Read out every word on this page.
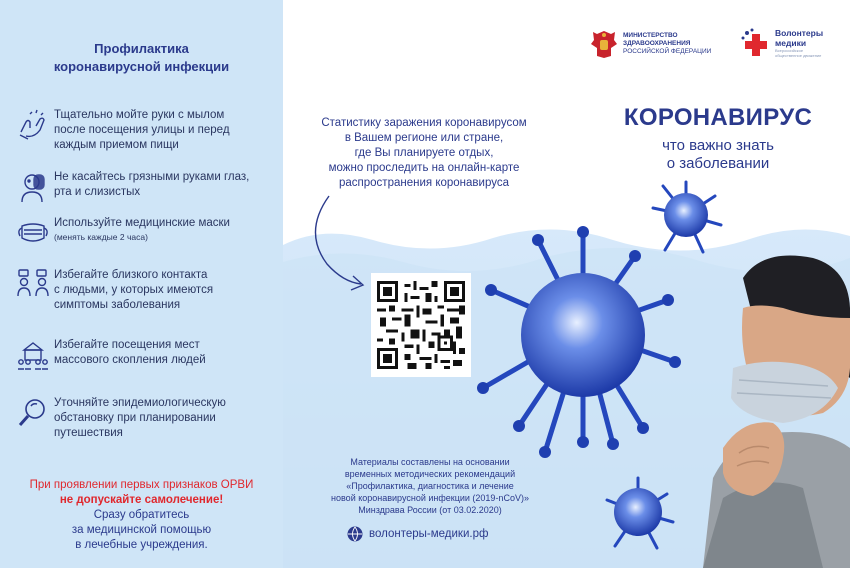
Профилактика
коронавирусной инфекции
Тщательно мойте руки с мылом
после посещения улицы и перед
каждым приемом пищи
Не касайтесь грязными руками глаз,
рта и слизистых
Используйте медицинские маски
(менять каждые 2 часа)
Избегайте близкого контакта
с людьми, у которых имеются
симптомы заболевания
Избегайте посещения мест
массового скопления людей
Уточняйте эпидемиологическую
обстановку при планировании
путешествия
При проявлении первых признаков ОРВИ
не допускайте самолечение!
Сразу обратитесь
за медицинской помощью
в лечебные учреждения.
Статистику заражения коронавирусом
в Вашем регионе или стране,
где Вы планируете отдых,
можно проследить на онлайн-карте
распространения коронавируса
Материалы составлены на основании
временных методических рекомендаций
«Профилактика, диагностика и лечение
новой коронавирусной инфекции (2019-nCoV)»
Минздрава России (от 03.02.2020)
волонтеры-медики.рф
МИНИСТЕРСТВО
ЗДРАВООХРАНЕНИЯ
РОССИЙСКОЙ ФЕДЕРАЦИИ
Волонтеры
медики
Всероссийское
общественное движение
КОРОНАВИРУС
что важно знать
о заболевании
